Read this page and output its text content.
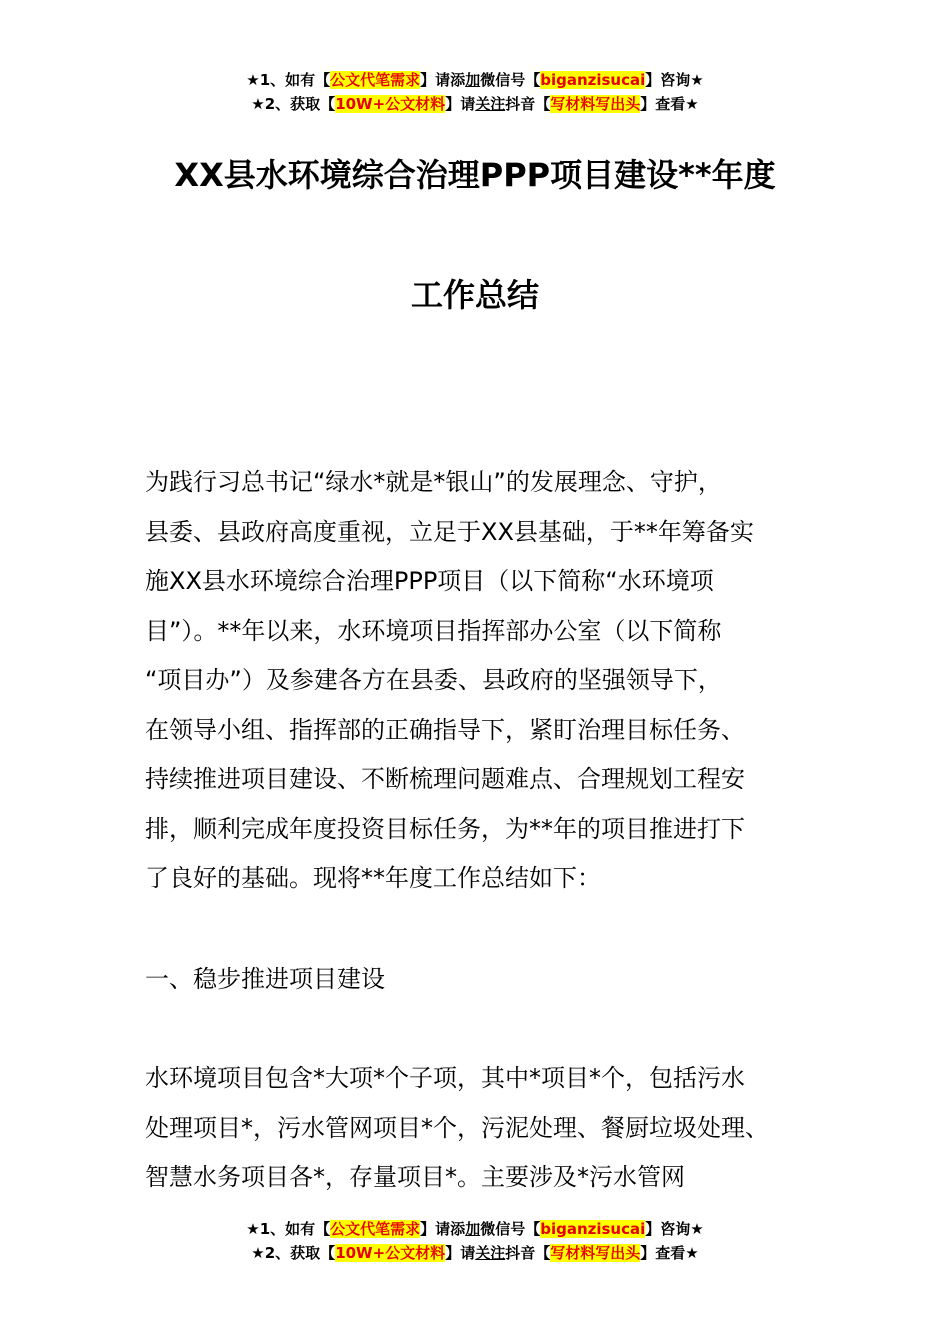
★1、如有【公文代笔需求】请添加微信号【biganzisucai】咨询★
★2、获取【10W+公文材料】请关注抖音【写材料写出头】查看★
XX县水环境综合治理PPP项目建设**年度
工作总结

为践行习总书记“绿水*就是*银山”的发展理念、守护，

县委、县政府高度重视，立足于XX县基础，于**年筹备实

施XX县水环境综合治理PPP项目（以下简称“水环境项

目”）。**年以来，水环境项目指挥部办公室（以下简称

“项目办”）及参建各方在县委、县政府的坚强领导下，

在领导小组、指挥部的正确指导下，紧盯治理目标任务、

持续推进项目建设、不断梳理问题难点、合理规划工程安

排，顺利完成年度投资目标任务，为**年的项目推进打下

了良好的基础。现将**年度工作总结如下：

一、稳步推进项目建设

水环境项目包含*大项*个子项，其中*项目*个，包括污水

处理项目*，污水管网项目*个，污泥处理、餐厨垃圾处理、

智慧水务项目各*，存量项目*。主要涉及*污水管网

★1、如有【公文代笔需求】请添加微信号【biganzisucai】咨询★
★2、获取【10W+公文材料】请关注抖音【写材料写出头】查看★
